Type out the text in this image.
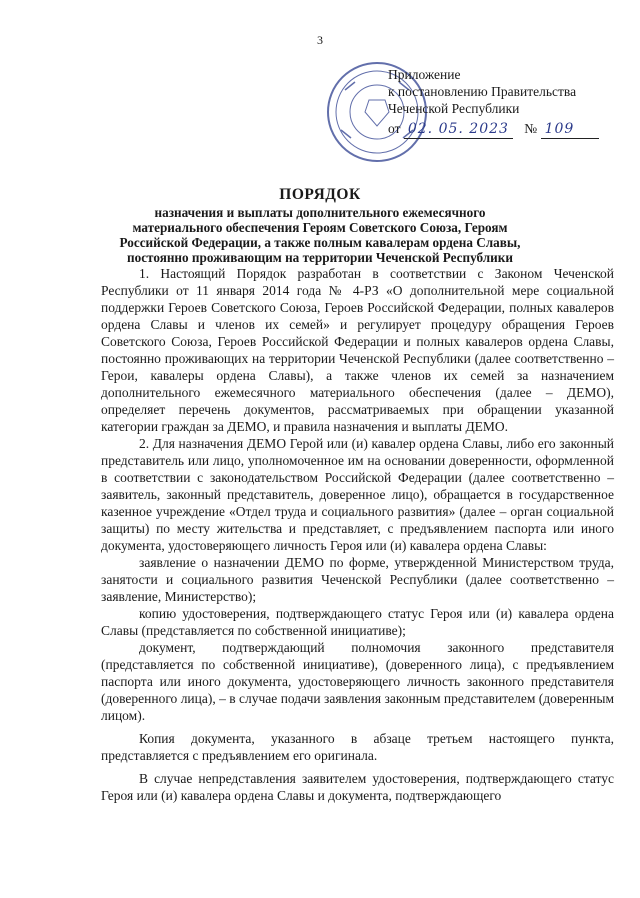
3
Приложение
к постановлению Правительства
Чеченской Республики
от 02. 05. 2023 № 109
ПОРЯДОК
назначения и выплаты дополнительного ежемесячного
материального обеспечения Героям Советского Союза, Героям
Российской Федерации, а также полным кавалерам ордена Славы,
постоянно проживающим на территории Чеченской Республики

1. Настоящий Порядок разработан в соответствии с Законом Чеченской Республики от 11 января 2014 года № 4-РЗ «О дополнительной мере социальной поддержки Героев Советского Союза, Героев Российской Федерации, полных кавалеров ордена Славы и членов их семей» и регулирует процедуру обращения Героев Советского Союза, Героев Российской Федерации и полных кавалеров ордена Славы, постоянно проживающих на территории Чеченской Республики (далее соответственно – Герои, кавалеры ордена Славы), а также членов их семей за назначением дополнительного ежемесячного материального обеспечения (далее – ДЕМО), определяет перечень документов, рассматриваемых при обращении указанной категории граждан за ДЕМО, и правила назначения и выплаты ДЕМО.

2. Для назначения ДЕМО Герой или (и) кавалер ордена Славы, либо его законный представитель или лицо, уполномоченное им на основании доверенности, оформленной в соответствии с законодательством Российской Федерации (далее соответственно – заявитель, законный представитель, доверенное лицо), обращается в государственное казенное учреждение «Отдел труда и социального развития» (далее – орган социальной защиты) по месту жительства и представляет, с предъявлением паспорта или иного документа, удостоверяющего личность Героя или (и) кавалера ордена Славы:

заявление о назначении ДЕМО по форме, утвержденной Министерством труда, занятости и социального развития Чеченской Республики (далее соответственно – заявление, Министерство);

копию удостоверения, подтверждающего статус Героя или (и) кавалера ордена Славы (представляется по собственной инициативе);

документ, подтверждающий полномочия законного представителя (представляется по собственной инициативе), (доверенного лица), с предъявлением паспорта или иного документа, удостоверяющего личность законного представителя (доверенного лица), – в случае подачи заявления законным представителем (доверенным лицом).

Копия документа, указанного в абзаце третьем настоящего пункта, представляется с предъявлением его оригинала.

В случае непредставления заявителем удостоверения, подтверждающего статус Героя или (и) кавалера ордена Славы и документа, подтверждающего
